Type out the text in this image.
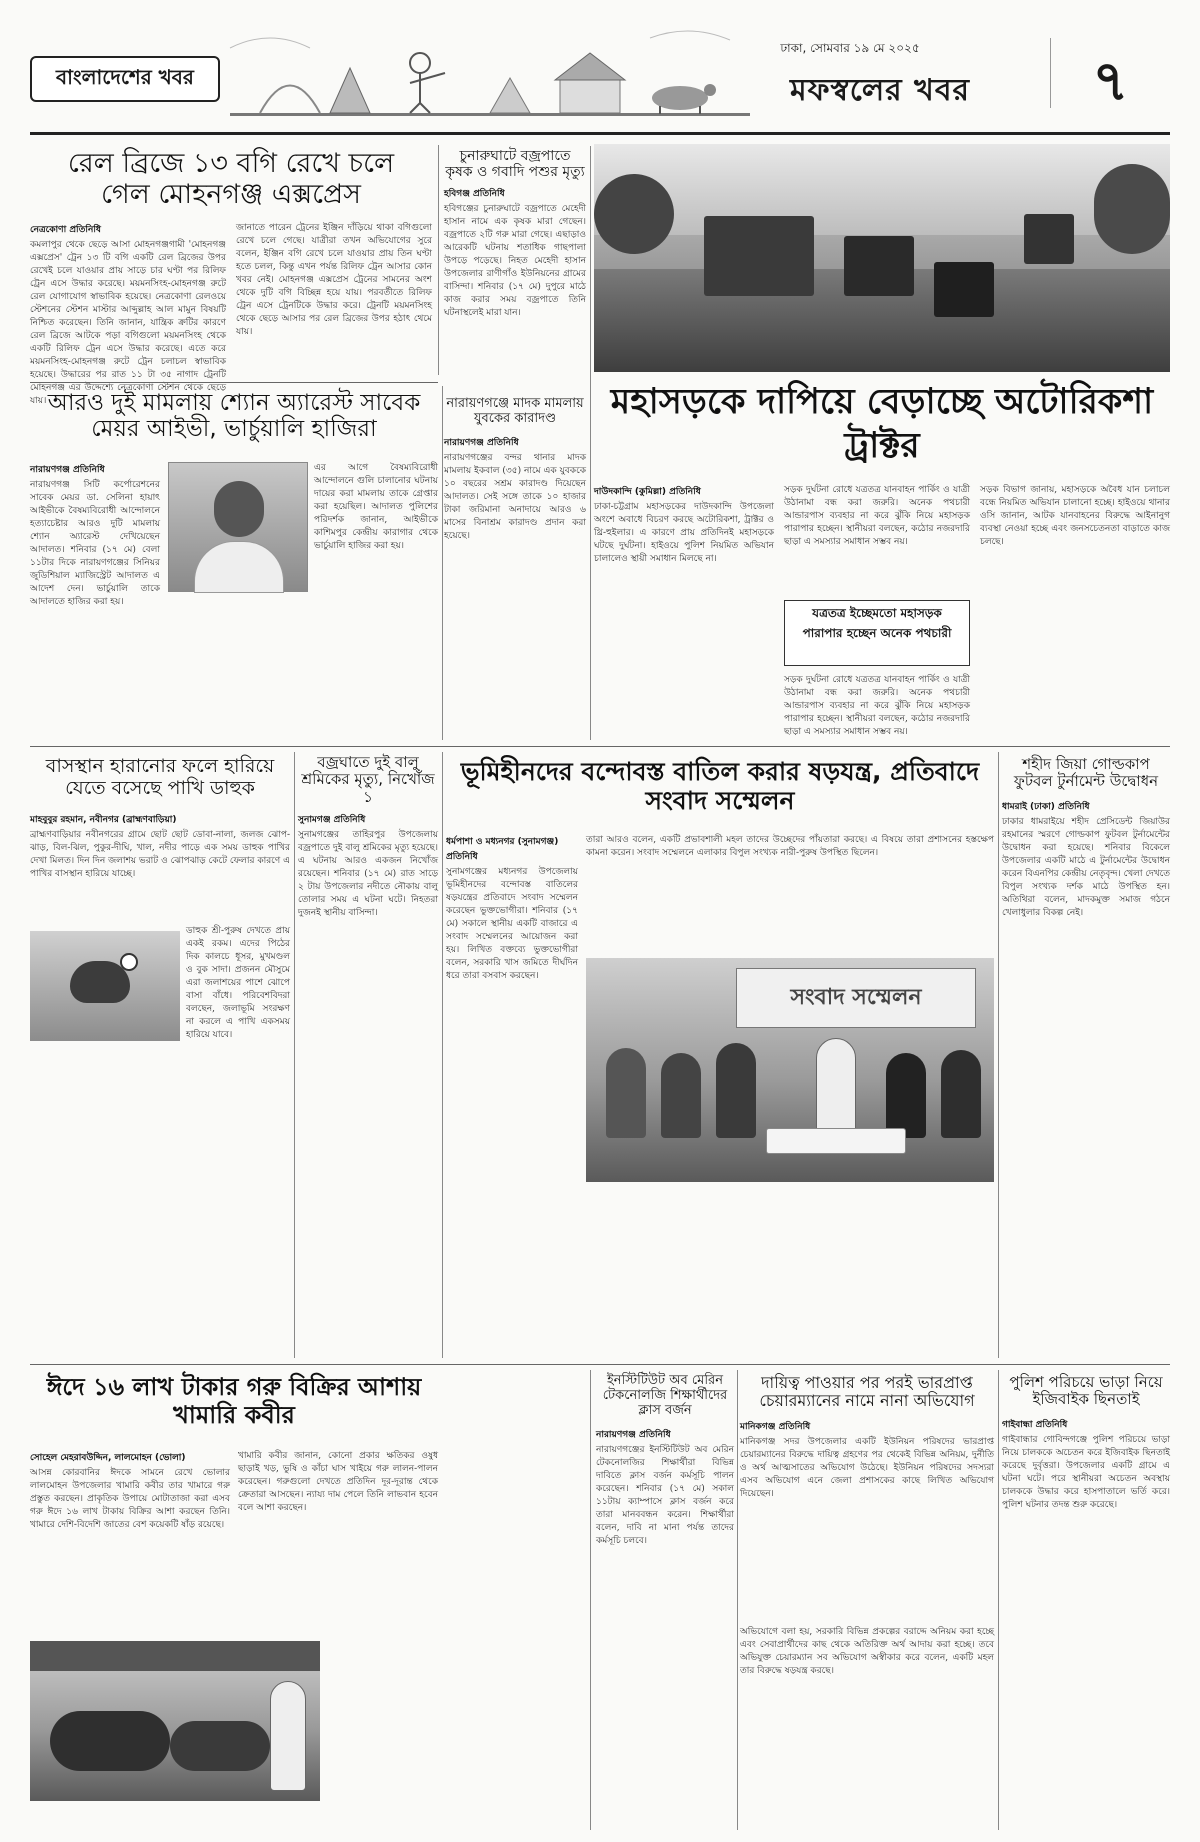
বাংলাদেশের খবর
ঢাকা, সোমবার ১৯ মে ২০২৫
মফস্বলের খবর	৭
রেল ব্রিজে ১৩ বগি রেখে চলে গেল মোহনগঞ্জ এক্সপ্রেস
নেত্রকোণা প্রতিনিধি
কমলাপুর থেকে ছেড়ে আসা মোহনগঞ্জগামী 'মোহনগঞ্জ এক্সপ্রেস' ট্রেন ১৩ টি বগি একটি রেল ব্রিজের উপর রেখেই চলে যাওয়ার প্রায় সাড়ে চার ঘণ্টা পর রিলিফ ট্রেন এসে উদ্ধার করেছে। ময়মনসিংহ-মোহনগঞ্জ রুটে রেল যোগাযোগ স্বাভাবিক হয়েছে। নেত্রকোণা রেলওয়ে স্টেশনের স্টেশন মাস্টার আব্দুল্লাহ আল মামুন বিষয়টি নিশ্চিত করেছেন। তিনি জানান, যান্ত্রিক ক্রটির কারণে রেল ব্রিজে আটকে পড়া বগিগুলো ময়মনসিংহ থেকে একটি রিলিফ ট্রেন এসে উদ্ধার করেছে। এতে করে ময়মনসিংহ-মোহনগঞ্জ রুটে ট্রেন চলাচল স্বাভাবিক হয়েছে। উদ্ধারের পর রাত ১১ টা ৩৫ নাগাদ ট্রেনটি মোহনগঞ্জ এর উদ্দেশ্যে নেত্রকোণা স্টেশন থেকে ছেড়ে যায়।
জানাতে পারেন ট্রেনের ইঞ্জিন দাঁড়িয়ে থাকা বগিগুলো রেখে চলে গেছে। যাত্রীরা তখন অভিযোগের সুরে বলেন, ইঞ্জিন বগি রেখে চলে যাওয়ার প্রায় তিন ঘণ্টা হতে চলল, কিন্তু এখন পর্যন্ত রিলিফ ট্রেন আসার কোন খবর নেই। মোহনগঞ্জ এক্সপ্রেস ট্রেনের সামনের অংশ থেকে দুটি বগি বিচ্ছিন্ন হয়ে যায়। পরবর্তীতে রিলিফ ট্রেন এসে ট্রেনটিকে উদ্ধার করে। ট্রেনটি ময়মনসিংহ থেকে ছেড়ে আসার পর রেল ব্রিজের উপর হঠাৎ থেমে যায়।
চুনারুঘাটে বজ্রপাতে কৃষক ও গবাদি পশুর মৃত্যু
হবিগঞ্জ প্রতিনিধি
হবিগঞ্জের চুনারুঘাটে বজ্রপাতে মেহেদী হাসান নামে এক কৃষক মারা গেছেন। বজ্রপাতে ২টি গরু মারা গেছে। এছাড়াও আরেকটি ঘটনায় শতাধিক গাছপালা উপড়ে পড়েছে। নিহত মেহেদী হাসান উপজেলার রাণীগাঁও ইউনিয়নের গ্রামের বাসিন্দা। শনিবার (১৭ মে) দুপুরে মাঠে কাজ করার সময় বজ্রপাতে তিনি ঘটনাস্থলেই মারা যান।
মহাসড়কে দাপিয়ে বেড়াচ্ছে অটোরিকশা ট্রাক্টর
আরও দুই মামলায় শ্যোন অ্যারেস্ট সাবেক মেয়র আইভী, ভার্চুয়ালি হাজিরা
নারায়ণগঞ্জ প্রতিনিধি
নারায়ণগঞ্জ সিটি কর্পোরেশনের সাবেক মেয়র ডা. সেলিনা হায়াৎ আইভীকে বৈষম্যবিরোধী আন্দোলনে হত্যাচেষ্টার আরও দুটি মামলায় শ্যোন অ্যারেস্ট দেখিয়েছেন আদালত। শনিবার (১৭ মে) বেলা ১১টার দিকে নারায়ণগঞ্জের সিনিয়র জুডিশিয়াল ম্যাজিস্ট্রেট আদালত এ আদেশ দেন। ভার্চুয়ালি তাকে আদালতে হাজির করা হয়।
এর আগে বৈষম্যবিরোধী আন্দোলনে গুলি চালানোর ঘটনায় দায়ের করা মামলায় তাকে গ্রেপ্তার করা হয়েছিল। আদালত পুলিশের পরিদর্শক জানান, আইভীকে কাশিমপুর কেন্দ্রীয় কারাগার থেকে ভার্চুয়ালি হাজির করা হয়।
নারায়ণগঞ্জে মাদক মামলায় যুবকের কারাদণ্ড
নারায়ণগঞ্জ প্রতিনিধি
নারায়ণগঞ্জের বন্দর থানার মাদক মামলায় ইকবাল (৩৫) নামে এক যুবককে ১০ বছরের সশ্রম কারাদণ্ড দিয়েছেন আদালত। সেই সঙ্গে তাকে ১০ হাজার টাকা জরিমানা অনাদায়ে আরও ৬ মাসের বিনাশ্রম কারাদণ্ড প্রদান করা হয়েছে।
দাউদকান্দি (কুমিল্লা) প্রতিনিধি
ঢাকা-চট্টগ্রাম মহাসড়কের দাউদকান্দি উপজেলা অংশে অবাধে বিচরণ করছে অটোরিকশা, ট্রাক্টর ও থ্রি-হুইলার। এ কারণে প্রায় প্রতিদিনই মহাসড়কে ঘটছে দুর্ঘটনা। হাইওয়ে পুলিশ নিয়মিত অভিযান চালালেও স্থায়ী সমাধান মিলছে না।
সড়ক দুর্ঘটনা রোধে যত্রতত্র যানবাহন পার্কিং ও যাত্রী উঠানামা বন্ধ করা জরুরি। অনেক পথচারী আন্ডারপাস ব্যবহার না করে ঝুঁকি নিয়ে মহাসড়ক পারাপার হচ্ছেন। স্থানীয়রা বলছেন, কঠোর নজরদারি ছাড়া এ সমস্যার সমাধান সম্ভব নয়।
যত্রতত্র ইচ্ছেমতো মহাসড়ক পারাপার হচ্ছেন অনেক পথচারী
সড়ক দুর্ঘটনা রোধে যত্রতত্র যানবাহন পার্কিং ও যাত্রী উঠানামা বন্ধ করা জরুরি। অনেক পথচারী আন্ডারপাস ব্যবহার না করে ঝুঁকি নিয়ে মহাসড়ক পারাপার হচ্ছেন। স্থানীয়রা বলছেন, কঠোর নজরদারি ছাড়া এ সমস্যার সমাধান সম্ভব নয়।
সড়ক বিভাগ জানায়, মহাসড়কে অবৈধ যান চলাচল বন্ধে নিয়মিত অভিযান চালানো হচ্ছে। হাইওয়ে থানার ওসি জানান, আটক যানবাহনের বিরুদ্ধে আইনানুগ ব্যবস্থা নেওয়া হচ্ছে এবং জনসচেতনতা বাড়াতে কাজ চলছে।
বাসস্থান হারানোর ফলে হারিয়ে যেতে বসেছে পাখি ডাহুক
মাহবুবুর রহমান, নবীনগর (ব্রাহ্মণবাড়িয়া)
ব্রাহ্মণবাড়িয়ার নবীনগরের গ্রামে ছোট ছোট ডোবা-নালা, জলজ ঝোপ-ঝাড়, বিল-ঝিল, পুকুর-দীঘি, খাল, নদীর পাড়ে এক সময় ডাহুক পাখির দেখা মিলত। দিন দিন জলাশয় ভরাট ও ঝোপঝাড় কেটে ফেলার কারণে এ পাখির বাসস্থান হারিয়ে যাচ্ছে।
ডাহুক শ্রী-পুরুষ দেখতে প্রায় একই রকম। এদের পিঠের দিক কালচে ধূসর, মুখমণ্ডল ও বুক সাদা। প্রজনন মৌসুমে এরা জলাশয়ের পাশে ঝোপে বাসা বাঁধে। পরিবেশবিদরা বলছেন, জলাভূমি সংরক্ষণ না করলে এ পাখি একসময় হারিয়ে যাবে।
বজ্রঘাতে দুই বালু শ্রমিকের মৃত্যু, নিখোঁজ ১
সুনামগঞ্জ প্রতিনিধি
সুনামগঞ্জের তাহিরপুর উপজেলায় বজ্রপাতে দুই বালু শ্রমিকের মৃত্যু হয়েছে। এ ঘটনায় আরও একজন নিখোঁজ রয়েছেন। শনিবার (১৭ মে) রাত সাড়ে ২ টায় উপজেলার নদীতে নৌকায় বালু তোলার সময় এ ঘটনা ঘটে। নিহতরা দুজনই স্থানীয় বাসিন্দা।
ভূমিহীনদের বন্দোবস্ত বাতিল করার ষড়যন্ত্র, প্রতিবাদে সংবাদ সম্মেলন
ধর্মপাশা ও মধ্যনগর (সুনামগঞ্জ) প্রতিনিধি
সুনামগঞ্জের মধ্যনগর উপজেলায় ভূমিহীনদের বন্দোবস্ত বাতিলের ষড়যন্ত্রের প্রতিবাদে সংবাদ সম্মেলন করেছেন ভুক্তভোগীরা। শনিবার (১৭ মে) সকালে স্থানীয় একটি বাজারে এ সংবাদ সম্মেলনের আয়োজন করা হয়। লিখিত বক্তব্যে ভুক্তভোগীরা বলেন, সরকারি খাস জমিতে দীর্ঘদিন ধরে তারা বসবাস করছেন।
তারা আরও বলেন, একটি প্রভাবশালী মহল তাদের উচ্ছেদের পাঁয়তারা করছে। এ বিষয়ে তারা প্রশাসনের হস্তক্ষেপ কামনা করেন। সংবাদ সম্মেলনে এলাকার বিপুল সংখ্যক নারী-পুরুষ উপস্থিত ছিলেন।
সংবাদ সম্মেলন
শহীদ জিয়া গোল্ডকাপ ফুটবল টুর্নামেন্ট উদ্বোধন
ধামরাই (ঢাকা) প্রতিনিধি
ঢাকার ধামরাইয়ে শহীদ প্রেসিডেন্ট জিয়াউর রহমানের স্মরণে গোল্ডকাপ ফুটবল টুর্নামেন্টের উদ্বোধন করা হয়েছে। শনিবার বিকেলে উপজেলার একটি মাঠে এ টুর্নামেন্টের উদ্বোধন করেন বিএনপির কেন্দ্রীয় নেতৃবৃন্দ। খেলা দেখতে বিপুল সংখ্যক দর্শক মাঠে উপস্থিত হন। অতিথিরা বলেন, মাদকমুক্ত সমাজ গঠনে খেলাধুলার বিকল্প নেই।
ঈদে ১৬ লাখ টাকার গরু বিক্রির আশায় খামারি কবীর
সোহেল মেহরাবউদ্দিন, লালমোহন (ভোলা)
আসন্ন কোরবানির ঈদকে সামনে রেখে ভোলার লালমোহন উপজেলার খামারি কবীর তার খামারে গরু প্রস্তুত করছেন। প্রাকৃতিক উপায়ে মোটাতাজা করা এসব গরু ঈদে ১৬ লাখ টাকায় বিক্রির আশা করছেন তিনি। খামারে দেশি-বিদেশি জাতের বেশ কয়েকটি ষাঁড় রয়েছে।
খামারি কবীর জানান, কোনো প্রকার ক্ষতিকর ওষুধ ছাড়াই খড়, ভুষি ও কাঁচা ঘাস খাইয়ে গরু লালন-পালন করেছেন। গরুগুলো দেখতে প্রতিদিন দূর-দূরান্ত থেকে ক্রেতারা আসছেন। ন্যায্য দাম পেলে তিনি লাভবান হবেন বলে আশা করছেন।
ইনস্টিটিউট অব মেরিন টেকনোলজি শিক্ষার্থীদের ক্লাস বর্জন
নারায়ণগঞ্জ প্রতিনিধি
নারায়ণগঞ্জের ইনস্টিটিউট অব মেরিন টেকনোলজির শিক্ষার্থীরা বিভিন্ন দাবিতে ক্লাস বর্জন কর্মসূচি পালন করেছেন। শনিবার (১৭ মে) সকাল ১১টায় ক্যাম্পাসে ক্লাস বর্জন করে তারা মানববন্ধন করেন। শিক্ষার্থীরা বলেন, দাবি না মানা পর্যন্ত তাদের কর্মসূচি চলবে।
দায়িত্ব পাওয়ার পর পরই ভারপ্রাপ্ত চেয়ারম্যানের নামে নানা অভিযোগ
মানিকগঞ্জ প্রতিনিধি
মানিকগঞ্জ সদর উপজেলার একটি ইউনিয়ন পরিষদের ভারপ্রাপ্ত চেয়ারম্যানের বিরুদ্ধে দায়িত্ব গ্রহণের পর থেকেই বিভিন্ন অনিয়ম, দুর্নীতি ও অর্থ আত্মসাতের অভিযোগ উঠেছে। ইউনিয়ন পরিষদের সদস্যরা এসব অভিযোগ এনে জেলা প্রশাসকের কাছে লিখিত অভিযোগ দিয়েছেন।
অভিযোগে বলা হয়, সরকারি বিভিন্ন প্রকল্পের বরাদ্দে অনিয়ম করা হচ্ছে এবং সেবাপ্রার্থীদের কাছ থেকে অতিরিক্ত অর্থ আদায় করা হচ্ছে। তবে অভিযুক্ত চেয়ারম্যান সব অভিযোগ অস্বীকার করে বলেন, একটি মহল তার বিরুদ্ধে ষড়যন্ত্র করছে।
পুলিশ পরিচয়ে ভাড়া নিয়ে ইজিবাইক ছিনতাই
গাইবান্ধা প্রতিনিধি
গাইবান্ধার গোবিন্দগঞ্জে পুলিশ পরিচয়ে ভাড়া নিয়ে চালককে অচেতন করে ইজিবাইক ছিনতাই করেছে দুর্বৃত্তরা। উপজেলার একটি গ্রামে এ ঘটনা ঘটে। পরে স্থানীয়রা অচেতন অবস্থায় চালককে উদ্ধার করে হাসপাতালে ভর্তি করে। পুলিশ ঘটনার তদন্ত শুরু করেছে।
